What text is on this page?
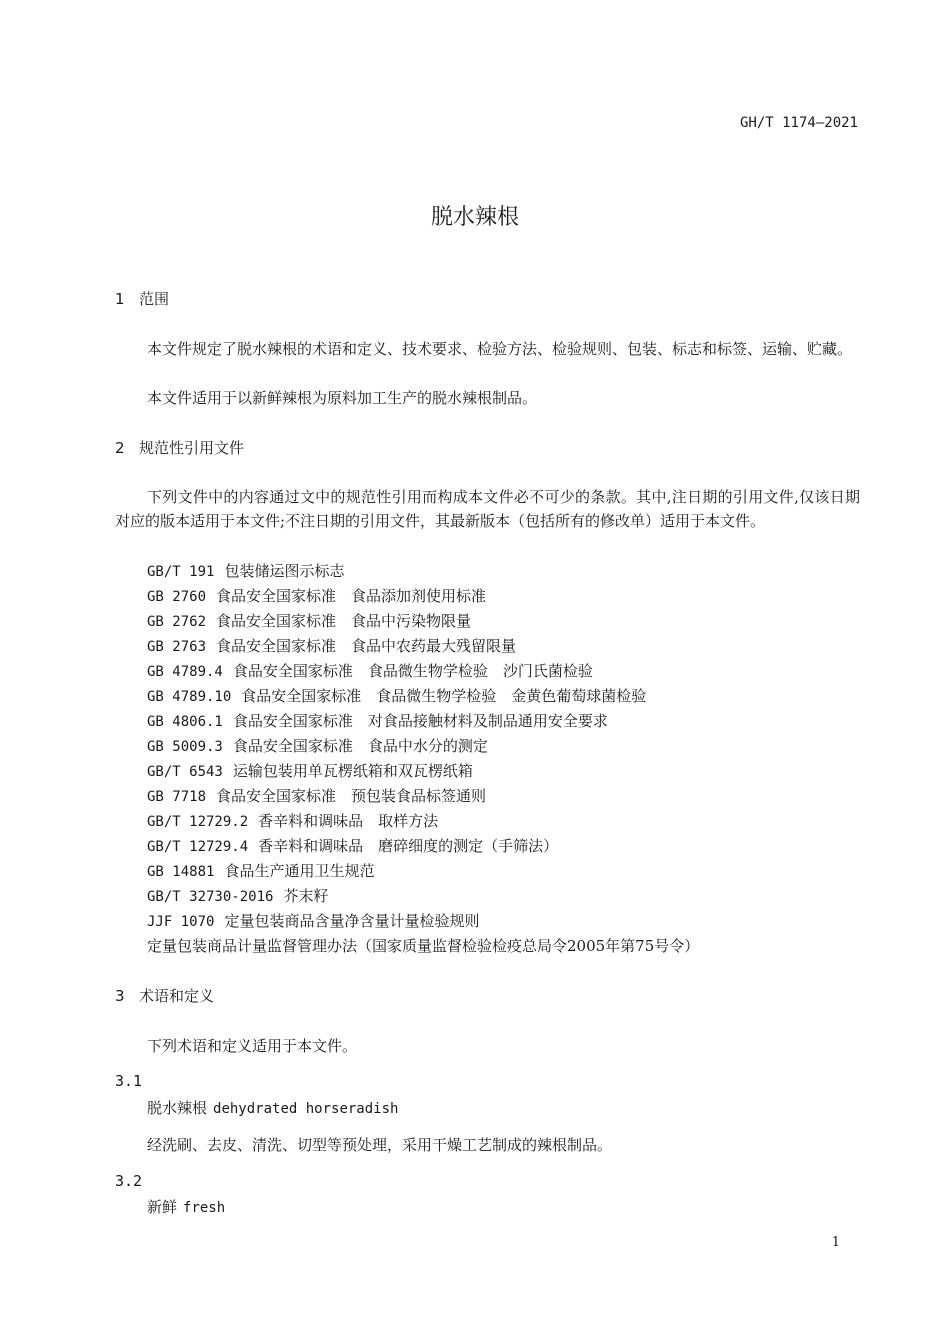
GH/T 1174—2021
脱水辣根
1 范围

本文件规定了脱水辣根的术语和定义、技术要求、检验方法、检验规则、包装、标志和标签、运输、贮藏。

本文件适用于以新鲜辣根为原料加工生产的脱水辣根制品。

2 规范性引用文件

下列文件中的内容通过文中的规范性引用而构成本文件必不可少的条款。其中,注日期的引用文件,仅该日期对应的版本适用于本文件;不注日期的引用文件，其最新版本（包括所有的修改单）适用于本文件。

GB/T 191 包装储运图示标志
GB 2760 食品安全国家标准　食品添加剂使用标准
GB 2762 食品安全国家标准　食品中污染物限量
GB 2763 食品安全国家标准　食品中农药最大残留限量
GB 4789.4 食品安全国家标准　食品微生物学检验　沙门氏菌检验
GB 4789.10 食品安全国家标准　食品微生物学检验　金黄色葡萄球菌检验
GB 4806.1 食品安全国家标准　对食品接触材料及制品通用安全要求
GB 5009.3 食品安全国家标准　食品中水分的测定
GB/T 6543 运输包装用单瓦楞纸箱和双瓦楞纸箱
GB 7718 食品安全国家标准　预包装食品标签通则
GB/T 12729.2 香辛料和调味品　取样方法
GB/T 12729.4 香辛料和调味品　磨碎细度的测定（手筛法）
GB 14881 食品生产通用卫生规范
GB/T 32730-2016 芥末籽
JJF 1070 定量包装商品含量净含量计量检验规则
定量包装商品计量监督管理办法（国家质量监督检验检疫总局令2005年第75号令）
3 术语和定义

下列术语和定义适用于本文件。

3.1
脱水辣根 dehydrated horseradish

经洗刷、去皮、清洗、切型等预处理，采用干燥工艺制成的辣根制品。

3.2
新鲜 fresh
1
